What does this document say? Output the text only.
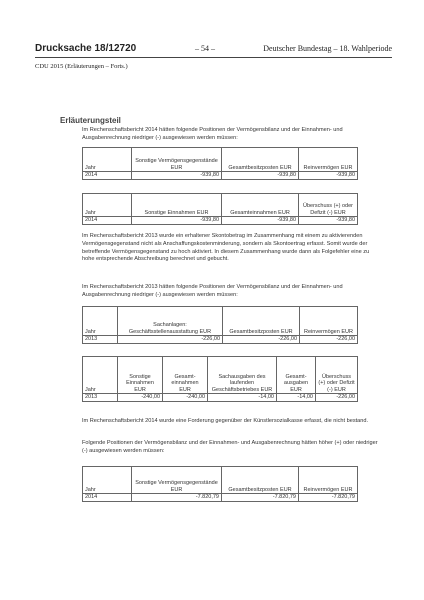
Drucksache 18/12720	– 54 –	Deutscher Bundestag – 18. Wahlperiode
CDU 2015 (Erläuterungen – Forts.)
Erläuterungsteil
Im Rechenschaftsbericht 2014 hätten folgende Positionen der Vermögensbilanz und der Einnahmen- und Ausgabenrechnung niedriger (-) ausgewiesen werden müssen:
Jahr	Sonstige Vermögensgegenstände EUR	Gesamtbesitzposten EUR	Reinvermögen EUR
2014	-939,80	-939,80	-939,80
Jahr	Sonstige Einnahmen EUR	Gesamteinnahmen EUR	Überschuss (+) oder Defizit (-) EUR
2014	-939,80	-939,80	-939,80
Im Rechenschaftsbericht 2013 wurde ein erhaltener Skontobetrag im Zusammenhang mit einem zu aktivierenden Vermögensgegenstand nicht als Anschaffungskostenminderung, sondern als Skontoertrag erfasst. Somit wurde der betreffende Vermögensgegenstand zu hoch aktiviert. In diesem Zusammenhang wurde dann als Folgefehler eine zu hohe entsprechende Abschreibung berechnet und gebucht.
Im Rechenschaftsbericht 2013 hätten folgende Positionen der Vermögensbilanz und der Einnahmen- und Ausgabenrechnung niedriger (-) ausgewiesen werden müssen:
Jahr	Sachanlagen: Geschäftsstellenausstattung EUR	Gesamtbesitzposten EUR	Reinvermögen EUR
2013	-226,00	-226,00	-226,00
Jahr	Sonstige Einnahmen EUR	Gesamt-einnahmen EUR	Sachausgaben des laufenden Geschäftsbetriebes EUR	Gesamt-ausgaben EUR	Überschuss (+) oder Defizit (-) EUR
2013	-240,00	-240,00	-14,00	-14,00	-226,00
Im Rechenschaftsbericht 2014 wurde eine Forderung gegenüber der Künstlersozialkasse erfasst, die nicht bestand.
Folgende Positionen der Vermögensbilanz und der Einnahmen- und Ausgabenrechnung hätten höher (+) oder niedriger (-) ausgewiesen werden müssen:
Jahr	Sonstige Vermögensgegenstände EUR	Gesamtbesitzposten EUR	Reinvermögen EUR
2014	-7.820,79	-7.820,79	-7.820,79
